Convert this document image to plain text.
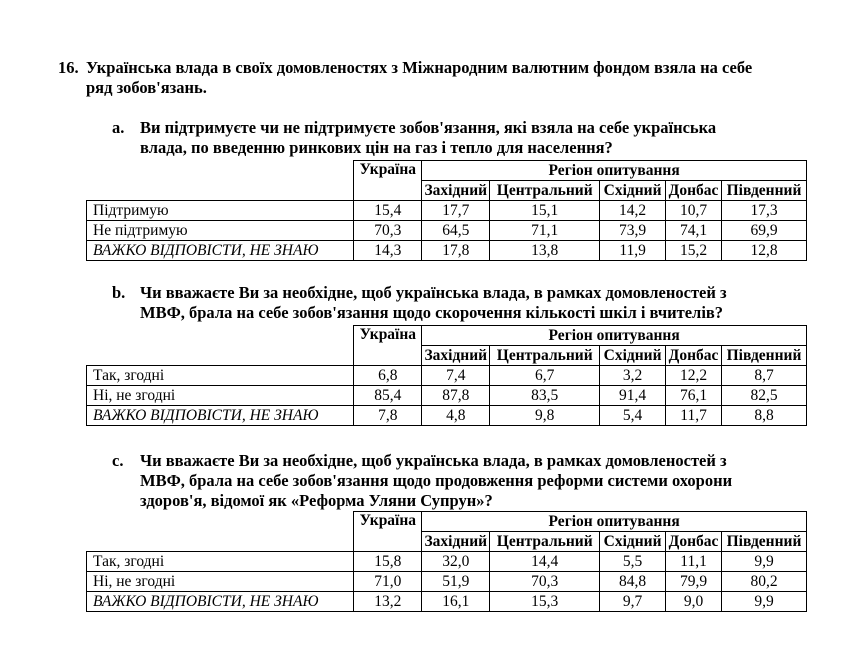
16. Українська влада в своїх домовленостях з Міжнародним валютним фондом взяла на себе
ряд зобов'язань.
a. Ви підтримуєте чи не підтримуєте зобов'язання, які взяла на себе українська
влада, по введенню ринкових цін на газ і тепло для населення?
	Україна	Регіон опитування				
		Західний	Центральний	Східний	Донбас	Південний
Підтримую	15,4	17,7	15,1	14,2	10,7	17,3
Не підтримую	70,3	64,5	71,1	73,9	74,1	69,9
ВАЖКО ВІДПОВІСТИ, НЕ ЗНАЮ	14,3	17,8	13,8	11,9	15,2	12,8
b. Чи вважаєте Ви за необхідне, щоб українська влада, в рамках домовленостей з
МВФ, брала на себе зобов'язання щодо скорочення кількості шкіл і вчителів?
	Україна	Регіон опитування				
		Західний	Центральний	Східний	Донбас	Південний
Так, згодні	6,8	7,4	6,7	3,2	12,2	8,7
Ні, не згодні	85,4	87,8	83,5	91,4	76,1	82,5
ВАЖКО ВІДПОВІСТИ, НЕ ЗНАЮ	7,8	4,8	9,8	5,4	11,7	8,8
c.	Чи вважаєте Ви за необхідне, щоб українська влада, в рамках домовленостей з
МВФ, брала на себе зобов'язання щодо продовження реформи системи охорони
здоров'я, відомої як «Реформа Уляни Супрун»?
	Україна	Регіон опитування				
		Західний	Центральний	Східний	Донбас	Південний
Так, згодні	15,8	32,0	14,4	5,5	11,1	9,9
Ні, не згодні	71,0	51,9	70,3	84,8	79,9	80,2
ВАЖКО ВІДПОВІСТИ, НЕ ЗНАЮ	13,2	16,1	15,3	9,7	9,0	9,9
